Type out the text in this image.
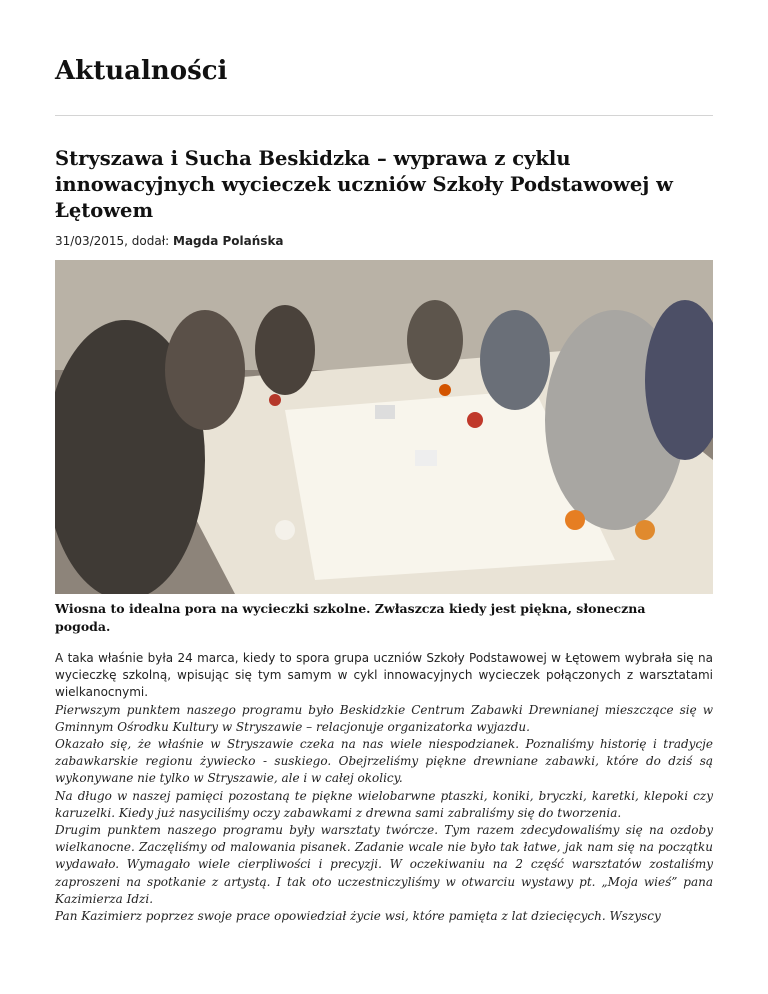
Aktualności
Stryszawa i Sucha Beskidzka – wyprawa z cyklu innowacyjnych wycieczek uczniów Szkoły Podstawowej w Łętowem
31/03/2015, dodał: Magda Polańska

Wiosna to idealna pora na wycieczki szkolne. Zwłaszcza kiedy jest piękna, słoneczna pogoda.

A taka właśnie była 24 marca, kiedy to spora grupa uczniów Szkoły Podstawowej w Łętowem wybrała się na wycieczkę szkolną, wpisując się tym samym w cykl innowacyjnych wycieczek połączonych z warsztatami wielkanocnymi.

Pierwszym punktem naszego programu było Beskidzkie Centrum Zabawki Drewnianej mieszczące się w Gminnym Ośrodku Kultury w Stryszawie – relacjonuje organizatorka wyjazdu.

Okazało się, że właśnie w Stryszawie czeka na nas wiele niespodzianek. Poznaliśmy historię i tradycje zabawkarskie regionu żywiecko - suskiego. Obejrzeliśmy piękne drewniane zabawki, które do dziś są wykonywane nie tylko w Stryszawie, ale i w całej okolicy.

Na długo w naszej pamięci pozostaną te piękne wielobarwne ptaszki, koniki, bryczki, karetki, klepoki czy karuzelki. Kiedy już nasyciliśmy oczy zabawkami z drewna sami zabraliśmy się do tworzenia.

Drugim punktem naszego programu były warsztaty twórcze. Tym razem zdecydowaliśmy się na ozdoby wielkanocne. Zaczęliśmy od malowania pisanek. Zadanie wcale nie było tak łatwe, jak nam się na początku wydawało. Wymagało wiele cierpliwości i precyzji. W oczekiwaniu na 2 część warsztatów zostaliśmy zaproszeni na spotkanie z artystą. I tak oto uczestniczyliśmy w otwarciu wystawy pt. „Moja wieś” pana Kazimierza Idzi.

Pan Kazimierz poprzez swoje prace opowiedział życie wsi, które pamięta z lat dziecięcych. Wszyscy
